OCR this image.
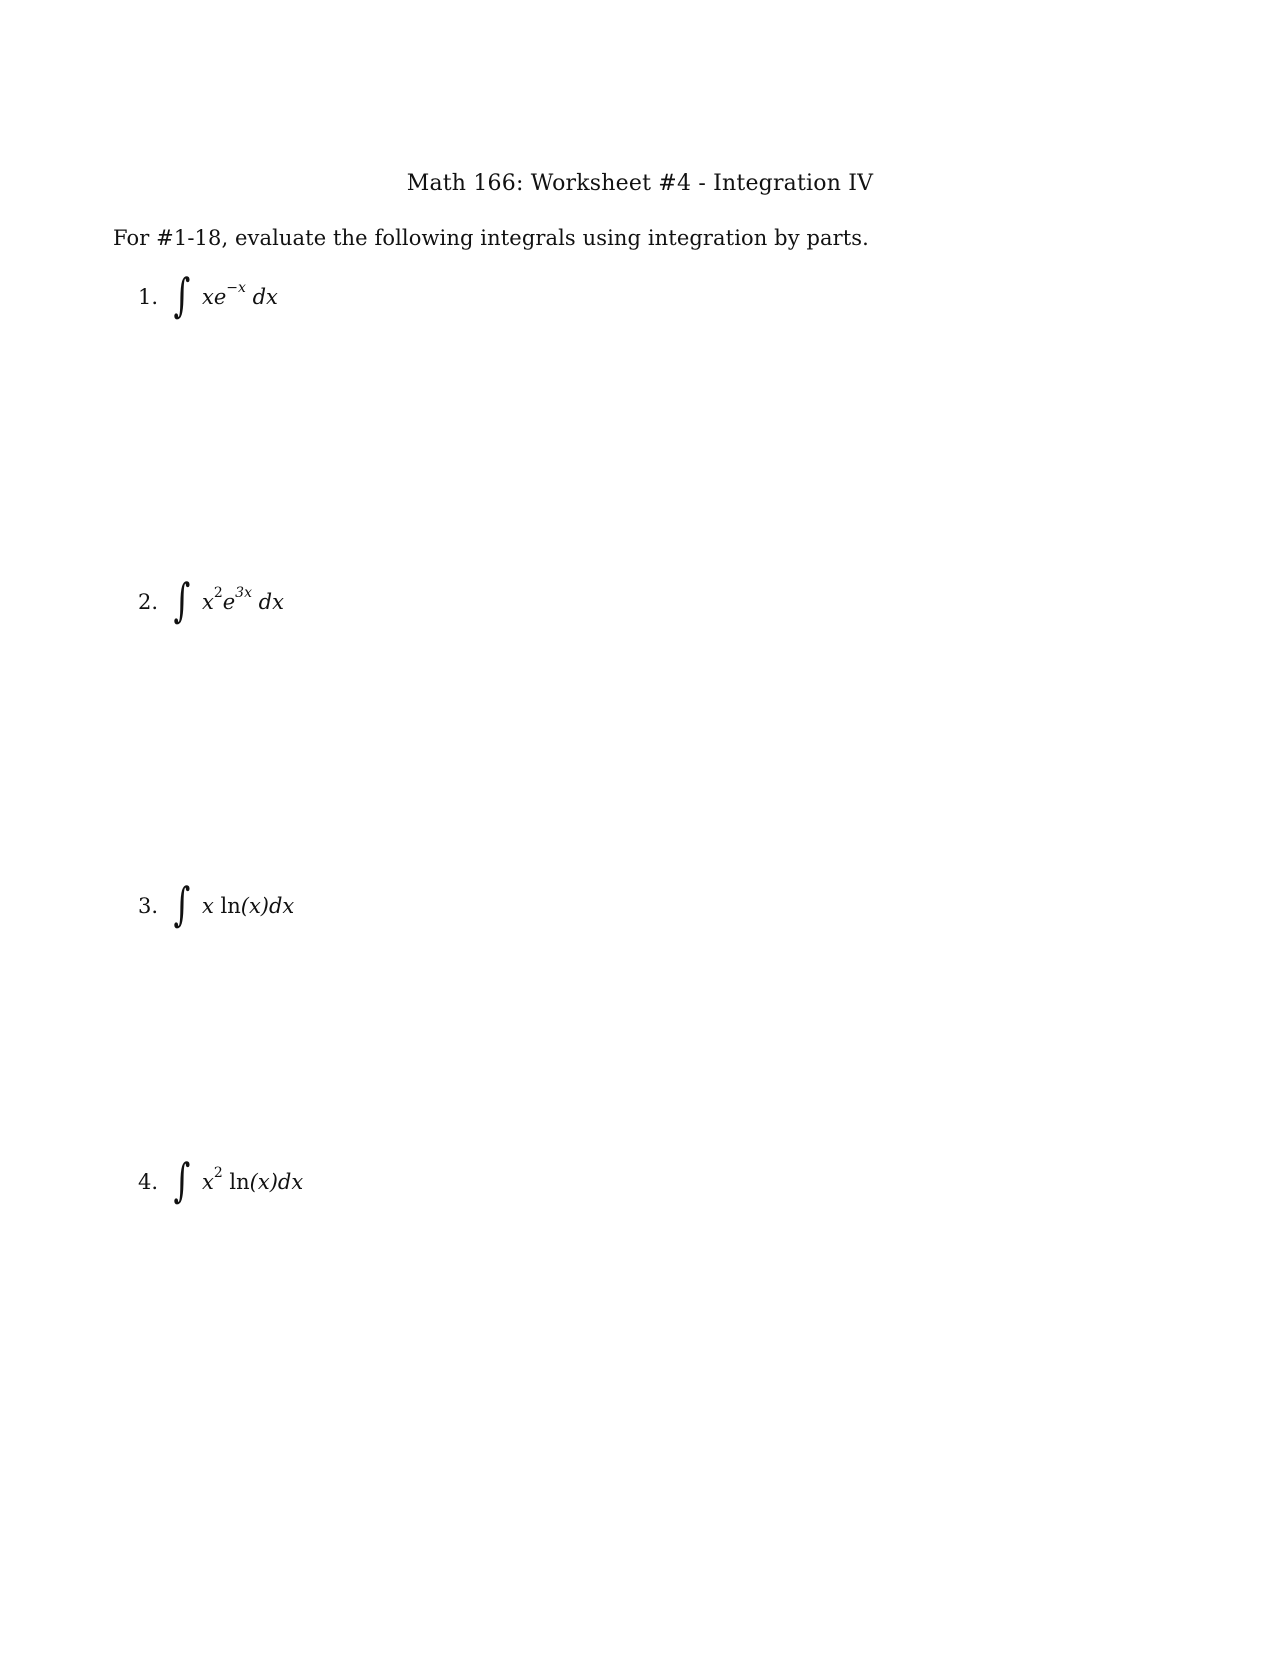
Math 166: Worksheet #4 - Integration IV
For #1-18, evaluate the following integrals using integration by parts.
1. ∫ $xe^{-x}$ dx
2. ∫ $x^2e^{3x}$ dx
3. ∫ x ln(x)dx
4. ∫ $x^2$ ln(x)dx
